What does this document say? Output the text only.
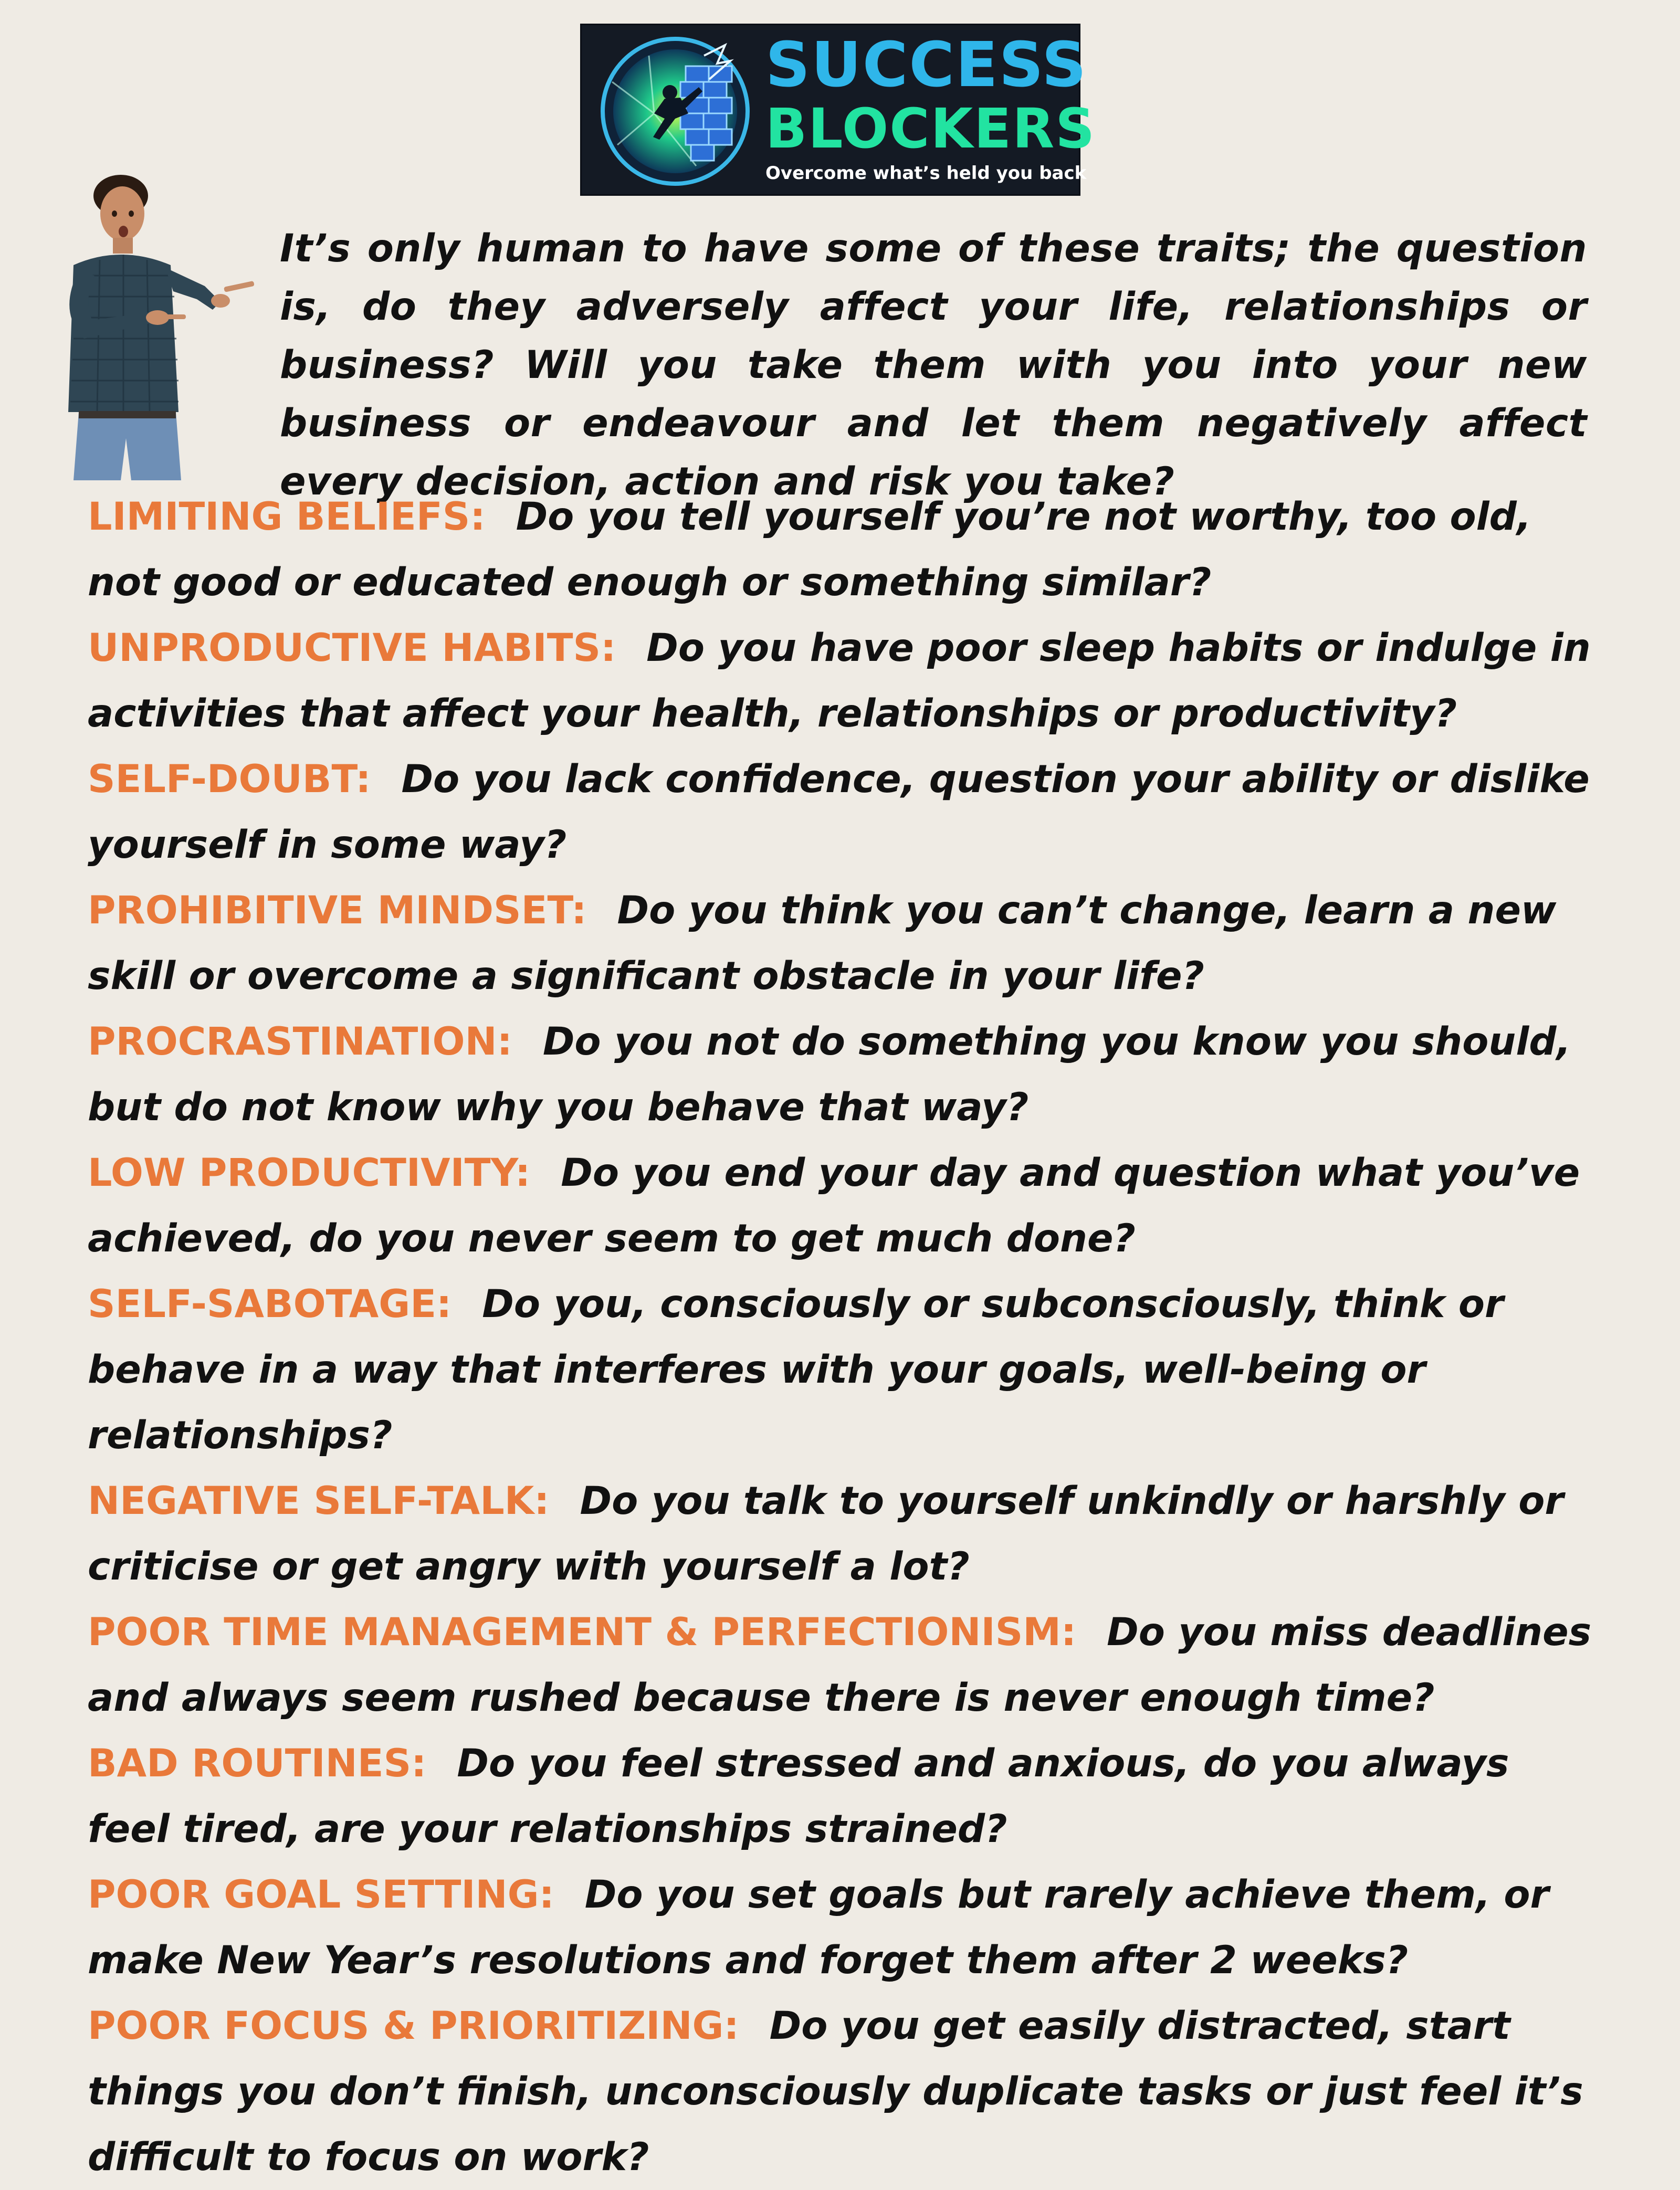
SUCCESS
BLOCKERS
Overcome what’s held you back
It’s only human to have some of these traits; the question is, do they adversely affect your life, relationships or business? Will you take them with you into your new business or endeavour and let them negatively affect every decision, action and risk you take?

LIMITING BELIEFS: Do you tell yourself you’re not worthy, too old, not good or educated enough or something similar?

UNPRODUCTIVE HABITS: Do you have poor sleep habits or indulge in activities that affect your health, relationships or productivity?

SELF-DOUBT: Do you lack confidence, question your ability or dislike yourself in some way?

PROHIBITIVE MINDSET: Do you think you can’t change, learn a new skill or overcome a significant obstacle in your life?

PROCRASTINATION: Do you not do something you know you should, but do not know why you behave that way?

LOW PRODUCTIVITY: Do you end your day and question what you’ve achieved, do you never seem to get much done?

SELF-SABOTAGE: Do you, consciously or subconsciously, think or behave in a way that interferes with your goals, well-being or relationships?

NEGATIVE SELF-TALK: Do you talk to yourself unkindly or harshly or criticise or get angry with yourself a lot?

POOR TIME MANAGEMENT & PERFECTIONISM: Do you miss deadlines and always seem rushed because there is never enough time?

BAD ROUTINES: Do you feel stressed and anxious, do you always feel tired, are your relationships strained?

POOR GOAL SETTING: Do you set goals but rarely achieve them, or make New Year’s resolutions and forget them after 2 weeks?

POOR FOCUS & PRIORITIZING: Do you get easily distracted, start things you don’t finish, unconsciously duplicate tasks or just feel it’s difficult to focus on work?
